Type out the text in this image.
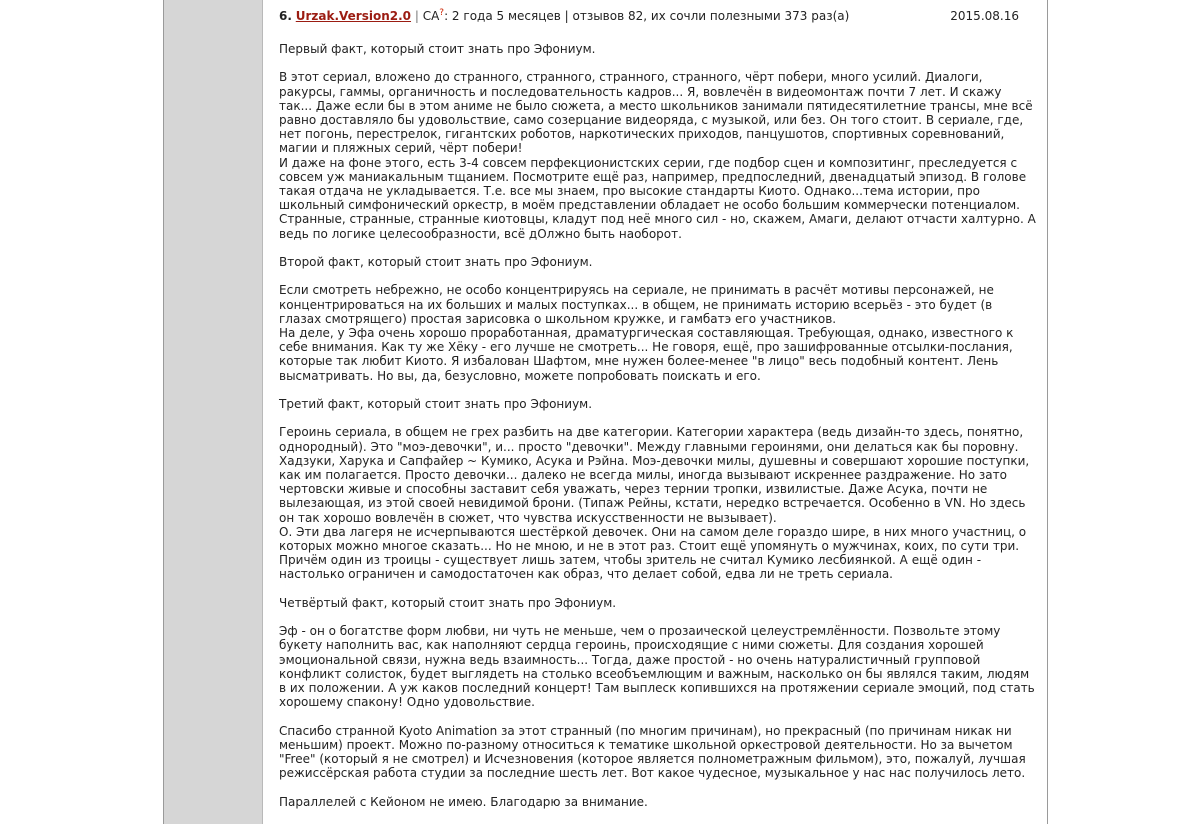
6. Urzak.Version2.0 | СА?: 2 года 5 месяцев | отзывов 82, их сочли полезными 373 раз(а)	2015.08.16

Первый факт, который стоит знать про Эфониум.

В этот сериал, вложено до странного, странного, странного, странного, чёрт побери, много усилий. Диалоги, ракурсы, гаммы, органичность и последовательность кадров... Я, вовлечён в видеомонтаж почти 7 лет. И скажу так... Даже если бы в этом аниме не было сюжета, а место школьников занимали пятидесятилетние трансы, мне всё равно доставляло бы удовольствие, само созерцание видеоряда, с музыкой, или без. Он того стоит. В сериале, где, нет погонь, перестрелок, гигантских роботов, наркотических приходов, панцушотов, спортивных соревнований, магии и пляжных серий, чёрт побери!
И даже на фоне этого, есть 3-4 совсем перфекционистских серии, где подбор сцен и композитинг, преследуется с совсем уж маниакальным тщанием. Посмотрите ещё раз, например, предпоследний, двенадцатый эпизод. В голове такая отдача не укладывается. Т.е. все мы знаем, про высокие стандарты Киото. Однако...тема истории, про школьный симфонический оркестр, в моём представлении обладает не особо большим коммерчески потенциалом. Странные, странные, странные киотовцы, кладут под неё много сил - но, скажем, Амаги, делают отчасти халтурно. А ведь по логике целесообразности, всё дОлжно быть наоборот.

Второй факт, который стоит знать про Эфониум.

Если смотреть небрежно, не особо концентрируясь на сериале, не принимать в расчёт мотивы персонажей, не концентрироваться на их больших и малых поступках... в общем, не принимать историю всерьёз - это будет (в глазах смотрящего) простая зарисовка о школьном кружке, и гамбатэ его участников.
На деле, у Эфа очень хорошо проработанная, драматургическая составляющая. Требующая, однако, известного к себе внимания. Как ту же Хёку - его лучше не смотреть... Не говоря, ещё, про зашифрованные отсылки-послания, которые так любит Киото. Я избалован Шафтом, мне нужен более-менее "в лицо" весь подобный контент. Лень высматривать. Но вы, да, безусловно, можете попробовать поискать и его.

Третий факт, который стоит знать про Эфониум.

Героинь сериала, в общем не грех разбить на две категории. Категории характера (ведь дизайн-то здесь, понятно, однородный). Это "моэ-девочки", и... просто "девочки". Между главными героинями, они делаться как бы поровну. Хадзуки, Харука и Сапфайер ~ Кумико, Асука и Рэйна. Моэ-девочки милы, душевны и совершают хорошие поступки, как им полагается. Просто девочки... далеко не всегда милы, иногда вызывают искреннее раздражение. Но зато чертовски живые и способны заставит себя уважать, через тернии тропки, извилистые. Даже Асука, почти не вылезающая, из этой своей невидимой брони. (Типаж Рейны, кстати, нередко встречается. Особенно в VN. Но здесь он так хорошо вовлечён в сюжет, что чувства искусственности не вызывает).
О. Эти два лагеря не исчерпываются шестёркой девочек. Они на самом деле гораздо шире, в них много участниц, о которых можно многое сказать... Но не мною, и не в этот раз. Стоит ещё упомянуть о мужчинах, коих, по сути три. Причём один из троицы - существует лишь затем, чтобы зритель не считал Кумико лесбиянкой. А ещё один - настолько ограничен и самодостаточен как образ, что делает собой, едва ли не треть сериала.

Четвёртый факт, который стоит знать про Эфониум.

Эф - он о богатстве форм любви, ни чуть не меньше, чем о прозаической целеустремлённости. Позвольте этому букету наполнить вас, как наполняют сердца героинь, происходящие с ними сюжеты. Для создания хорошей эмоциональной связи, нужна ведь взаимность... Тогда, даже простой - но очень натуралистичный групповой конфликт солисток, будет выглядеть на столько всеобъемлющим и важным, насколько он бы являлся таким, людям в их положении. А уж каков последний концерт! Там выплеск копившихся на протяжении сериале эмоций, под стать хорошему спакону! Одно удовольствие.

Спасибо странной Kyoto Animation за этот странный (по многим причинам), но прекрасный (по причинам никак ни меньшим) проект. Можно по-разному относиться к тематике школьной оркестровой деятельности. Но за вычетом "Free" (который я не смотрел) и Исчезновения (которое является полнометражным фильмом), это, пожалуй, лучшая режиссёрская работа студии за последние шесть лет. Вот какое чудесное, музыкальное у нас нас получилось лето.

Параллелей с Кейоном не имею. Благодарю за внимание.
